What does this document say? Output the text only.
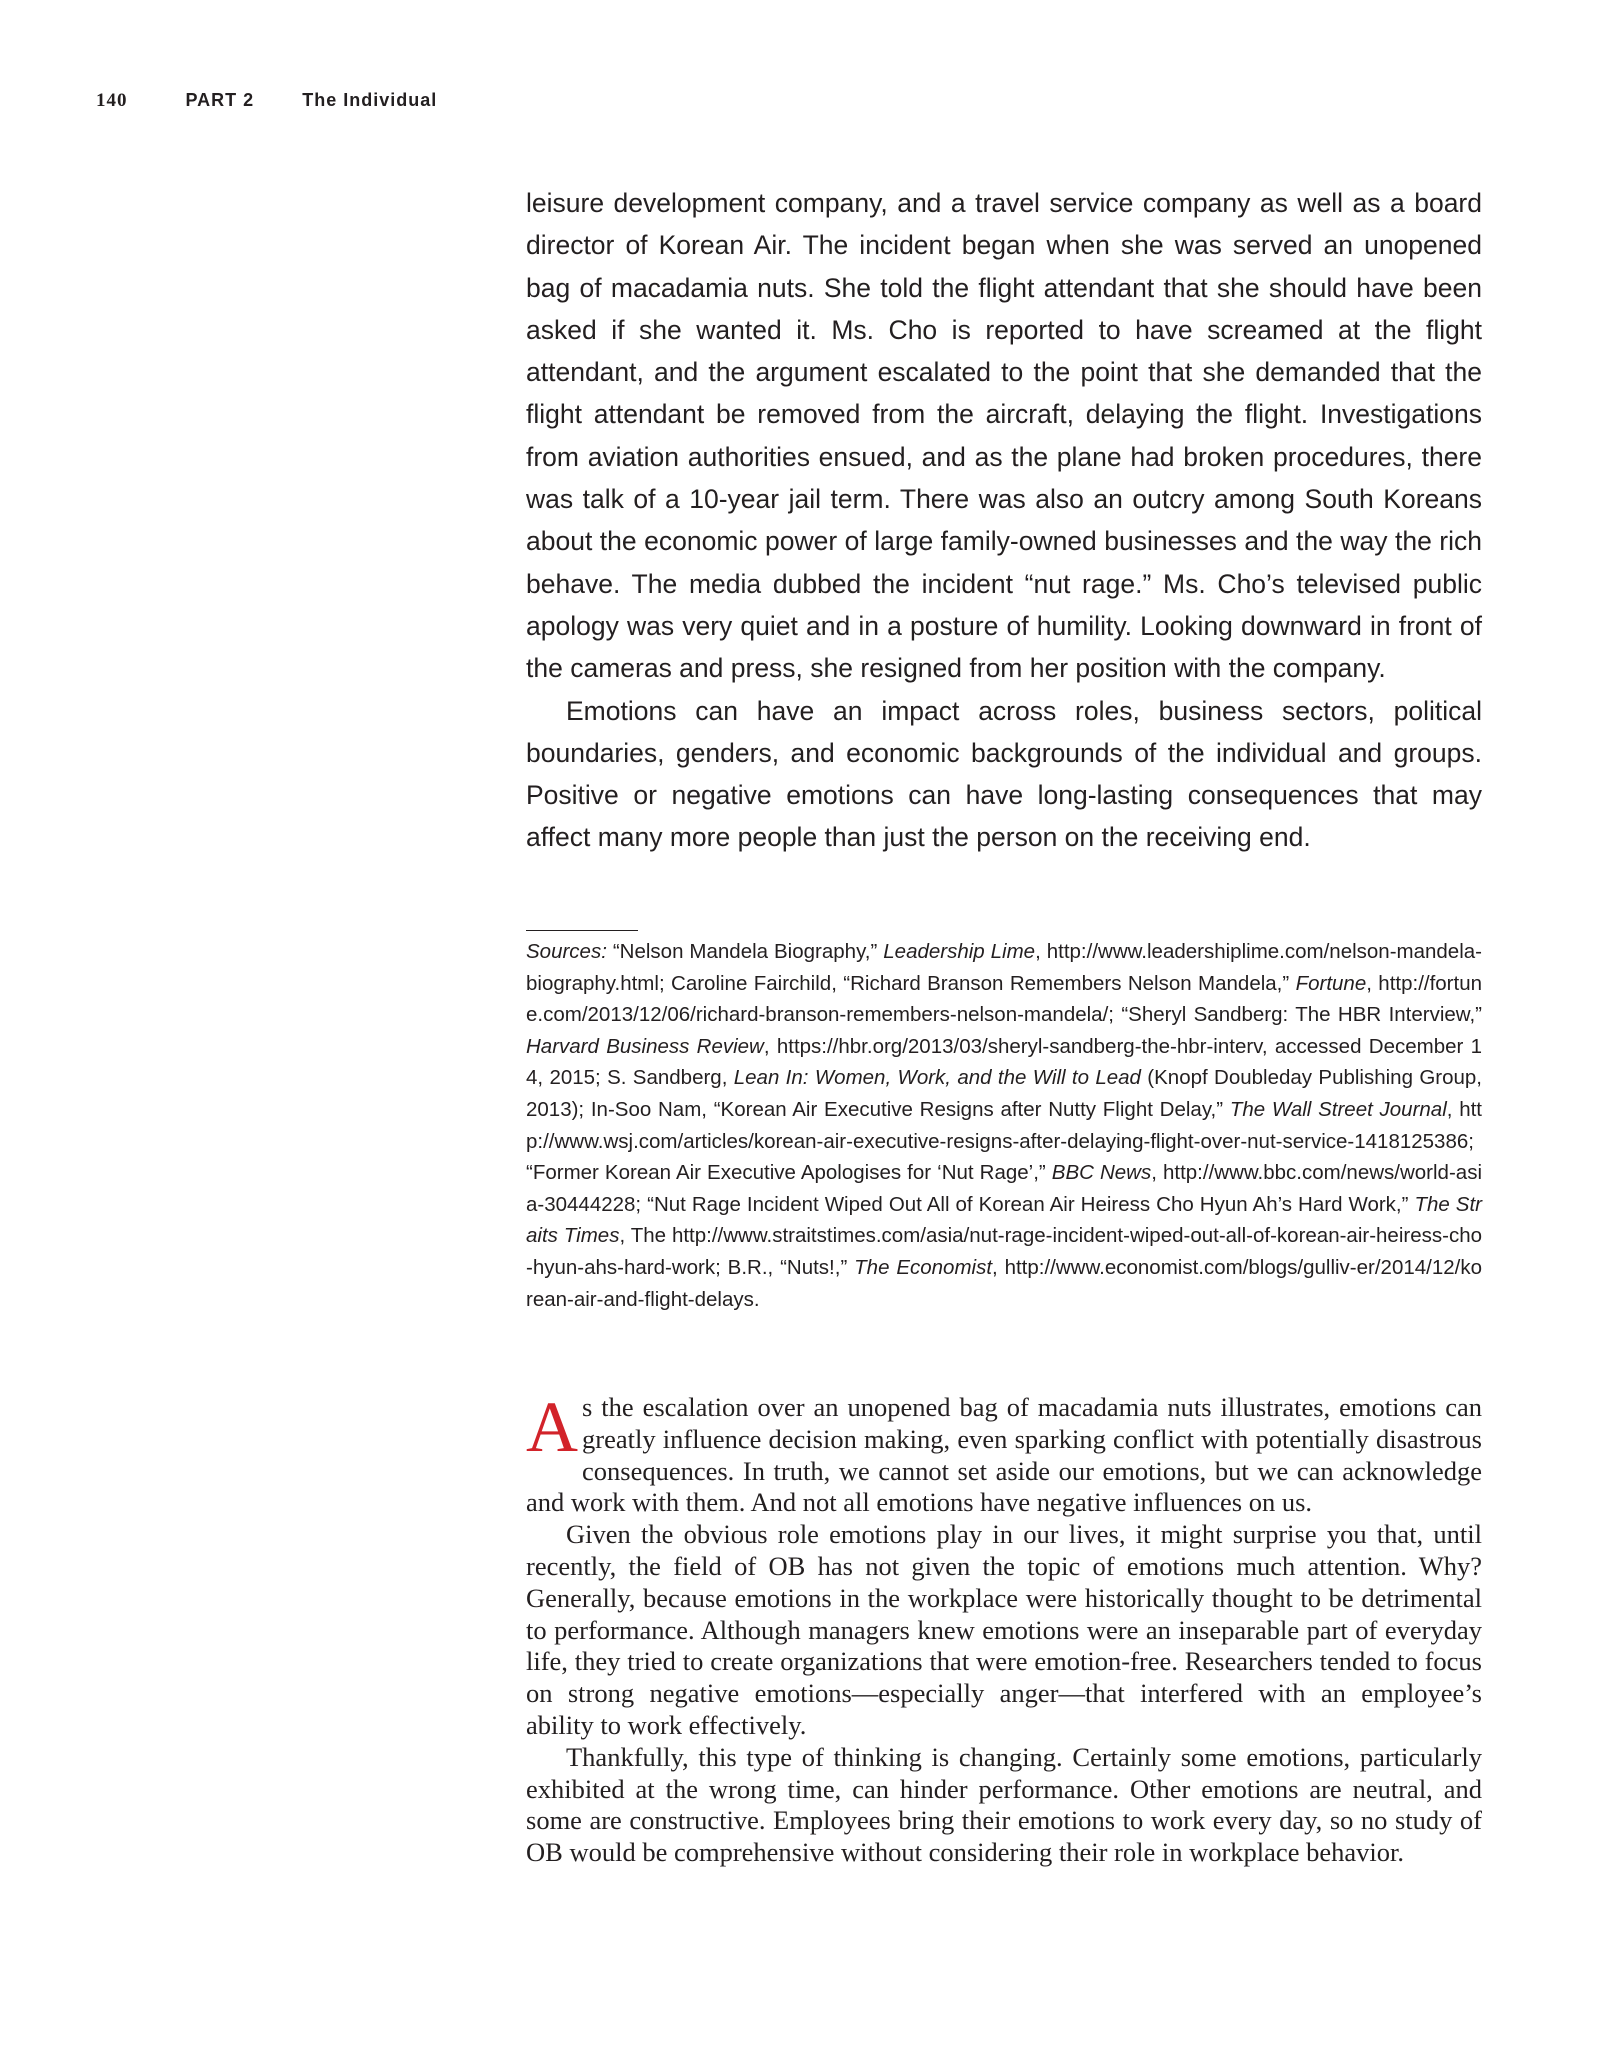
140	PART 2	The Individual

leisure development company, and a travel service company as well as a board director of Korean Air. The incident began when she was served an unopened bag of macadamia nuts. She told the flight attendant that she should have been asked if she wanted it. Ms. Cho is reported to have screamed at the flight attendant, and the argument escalated to the point that she demanded that the flight attendant be removed from the aircraft, delaying the flight. Investigations from aviation authorities ensued, and as the plane had broken procedures, there was talk of a 10-year jail term. There was also an outcry among South Koreans about the economic power of large family-owned businesses and the way the rich behave. The media dubbed the incident “nut rage.” Ms. Cho’s televised public apology was very quiet and in a posture of humility. Looking downward in front of the cameras and press, she resigned from her position with the company.

Emotions can have an impact across roles, business sectors, political boundaries, genders, and economic backgrounds of the individual and groups. Positive or negative emotions can have long-lasting consequences that may affect many more people than just the person on the receiving end.

Sources: “Nelson Mandela Biography,” Leadership Lime, http://www.leadershiplime.com/nelson-mandela-biography.html; Caroline Fairchild, “Richard Branson Remembers Nelson Mandela,” Fortune, http://fortune.com/2013/12/06/richard-branson-remembers-nelson-mandela/; “Sheryl Sandberg: The HBR Interview,” Harvard Business Review, https://hbr.org/2013/03/sheryl-sandberg-the-hbr-interv, accessed December 14, 2015; S. Sandberg, Lean In: Women, Work, and the Will to Lead (Knopf Doubleday Publishing Group, 2013); In-Soo Nam, “Korean Air Executive Resigns after Nutty Flight Delay,” The Wall Street Journal, http://www.wsj.com/articles/korean-air-executive-resigns-after-delaying-flight-over-nut-service-1418125386; “Former Korean Air Executive Apologises for ‘Nut Rage’,” BBC News, http://www.bbc.com/news/world-asia-30444228; “Nut Rage Incident Wiped Out All of Korean Air Heiress Cho Hyun Ah’s Hard Work,” The Straits Times, The http://www.straitstimes.com/asia/nut-rage-incident-wiped-out-all-of-korean-air-heiress-cho-hyun-ahs-hard-work; B.R., “Nuts!,” The Economist, http://www.economist.com/blogs/gulliv-er/2014/12/korean-air-and-flight-delays.

As the escalation over an unopened bag of macadamia nuts illustrates, emotions can greatly influence decision making, even sparking conflict with potentially disastrous consequences. In truth, we cannot set aside our emotions, but we can acknowledge and work with them. And not all emotions have negative influences on us.

Given the obvious role emotions play in our lives, it might surprise you that, until recently, the field of OB has not given the topic of emotions much attention. Why? Generally, because emotions in the workplace were historically thought to be detrimental to performance. Although managers knew emotions were an inseparable part of everyday life, they tried to create organizations that were emotion-free. Researchers tended to focus on strong negative emotions—especially anger—that interfered with an employee’s ability to work effectively.

Thankfully, this type of thinking is changing. Certainly some emotions, particularly exhibited at the wrong time, can hinder performance. Other emotions are neutral, and some are constructive. Employees bring their emotions to work every day, so no study of OB would be comprehensive without considering their role in workplace behavior.
